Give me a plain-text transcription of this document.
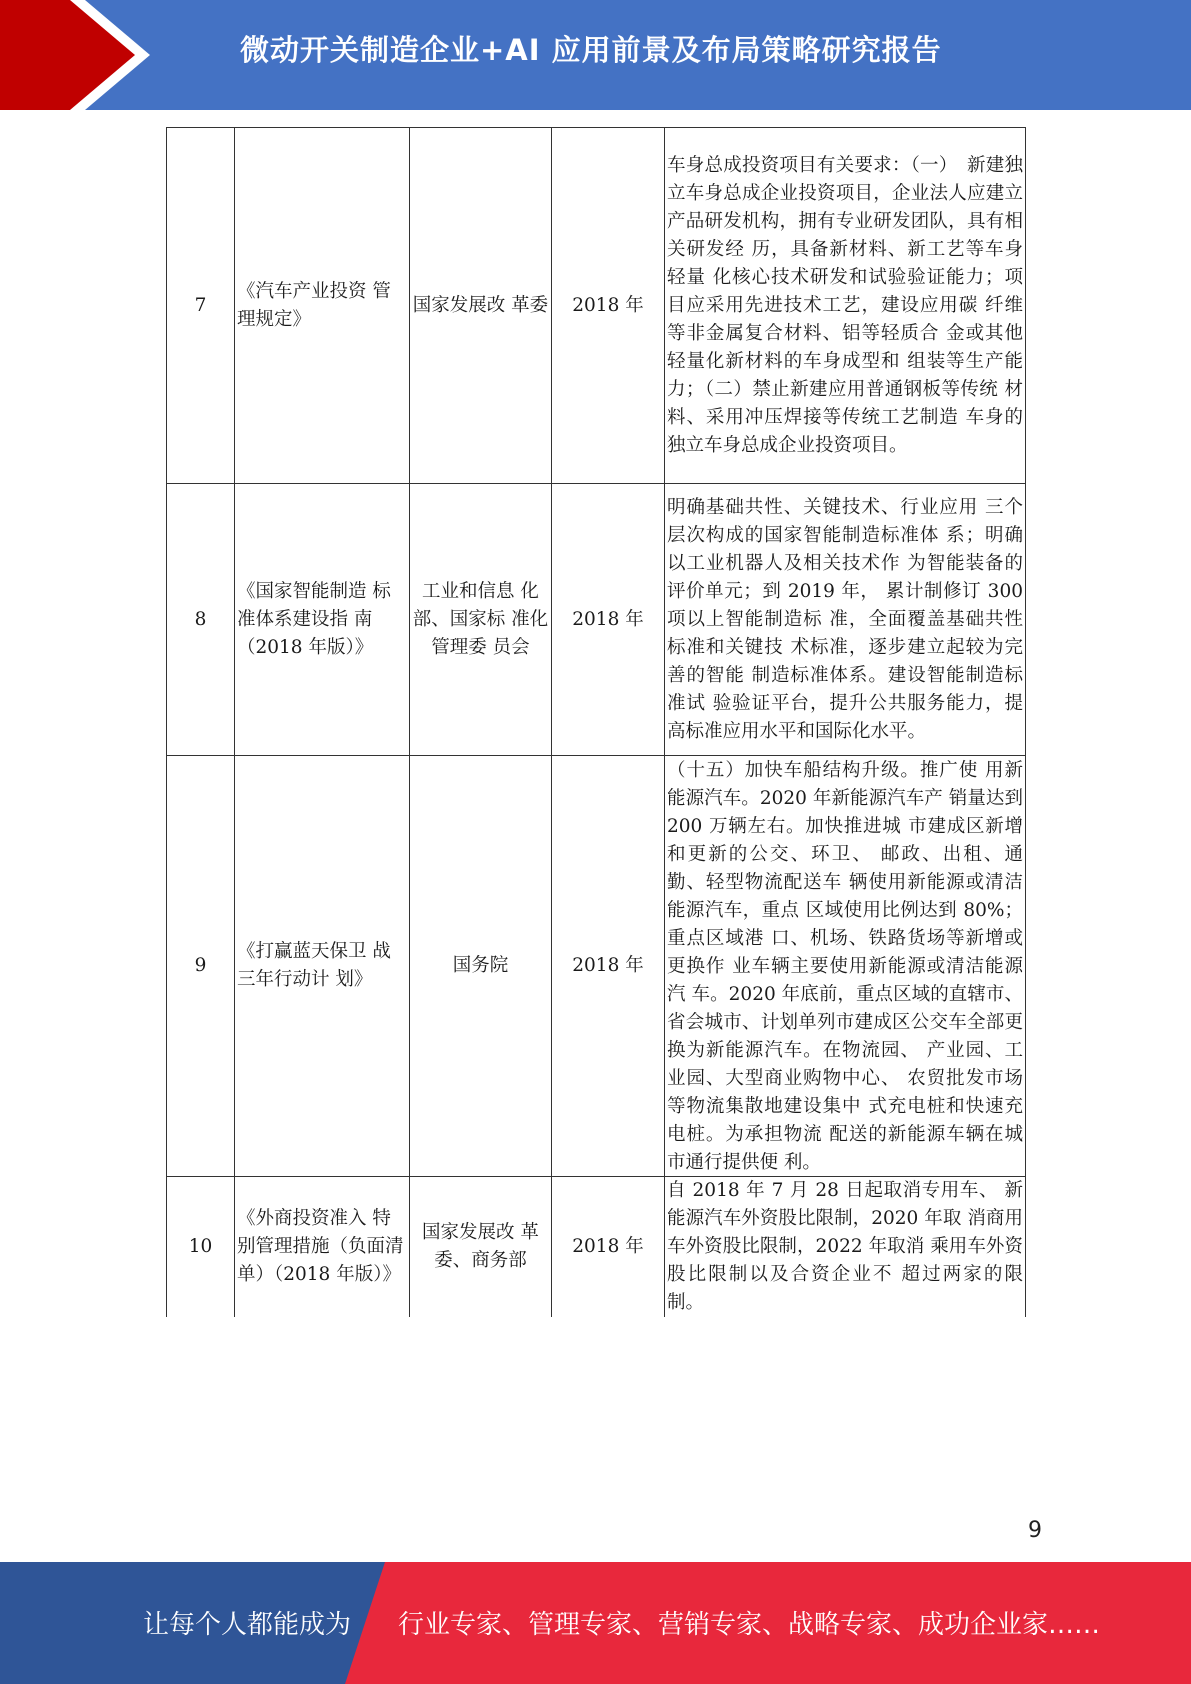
微动开关制造企业+AI 应用前景及布局策略研究报告
7	《汽车产业投资 管理规定》	国家发展改 革委	2018 年	车身总成投资项目有关要求：（一）　新建独立车身总成企业投资项目，企业法人应建立产品研发机构，拥有专业研发团队，具有相关研发经 历，具备新材料、新工艺等车身轻量 化核心技术研发和试验验证能力；项 目应采用先进技术工艺，建设应用碳 纤维等非金属复合材料、铝等轻质合 金或其他轻量化新材料的车身成型和 组装等生产能力；（二）禁止新建应用普通钢板等传统 材料、采用冲压焊接等传统工艺制造 车身的独立车身总成企业投资项目。
8	《国家智能制造 标准体系建设指 南（2018 年版）》	工业和信息 化部、国家标 准化管理委 员会	2018 年	明确基础共性、关键技术、行业应用 三个层次构成的国家智能制造标准体 系；明确以工业机器人及相关技术作 为智能装备的评价单元；到 2019 年， 累计制修订 300 项以上智能制造标 准，全面覆盖基础共性标准和关键技 术标准，逐步建立起较为完善的智能 制造标准体系。建设智能制造标准试 验验证平台，提升公共服务能力，提 高标准应用水平和国际化水平。
9	《打赢蓝天保卫 战三年行动计 划》	国务院	2018 年	（十五）加快车船结构升级。推广使 用新能源汽车。2020 年新能源汽车产 销量达到 200 万辆左右。加快推进城 市建成区新增和更新的公交、环卫、 邮政、出租、通勤、轻型物流配送车 辆使用新能源或清洁能源汽车，重点 区域使用比例达到 80%；重点区域港 口、机场、铁路货场等新增或更换作 业车辆主要使用新能源或清洁能源汽 车。2020 年底前，重点区域的直辖市、 省会城市、计划单列市建成区公交车全部更换为新能源汽车。在物流园、 产业园、工业园、大型商业购物中心、 农贸批发市场等物流集散地建设集中 式充电桩和快速充电桩。为承担物流 配送的新能源车辆在城市通行提供便 利。

10	《外商投资准入 特别管理措施（负面清单）（2018 年版）》	国家发展改 革委、商务部	2018 年	自 2018 年 7 月 28 日起取消专用车、 新能源汽车外资股比限制，2020 年取 消商用车外资股比限制，2022 年取消 乘用车外资股比限制以及合资企业不 超过两家的限制。
9
让每个人都能成为 行业专家、管理专家、营销专家、战略专家、成功企业家……
